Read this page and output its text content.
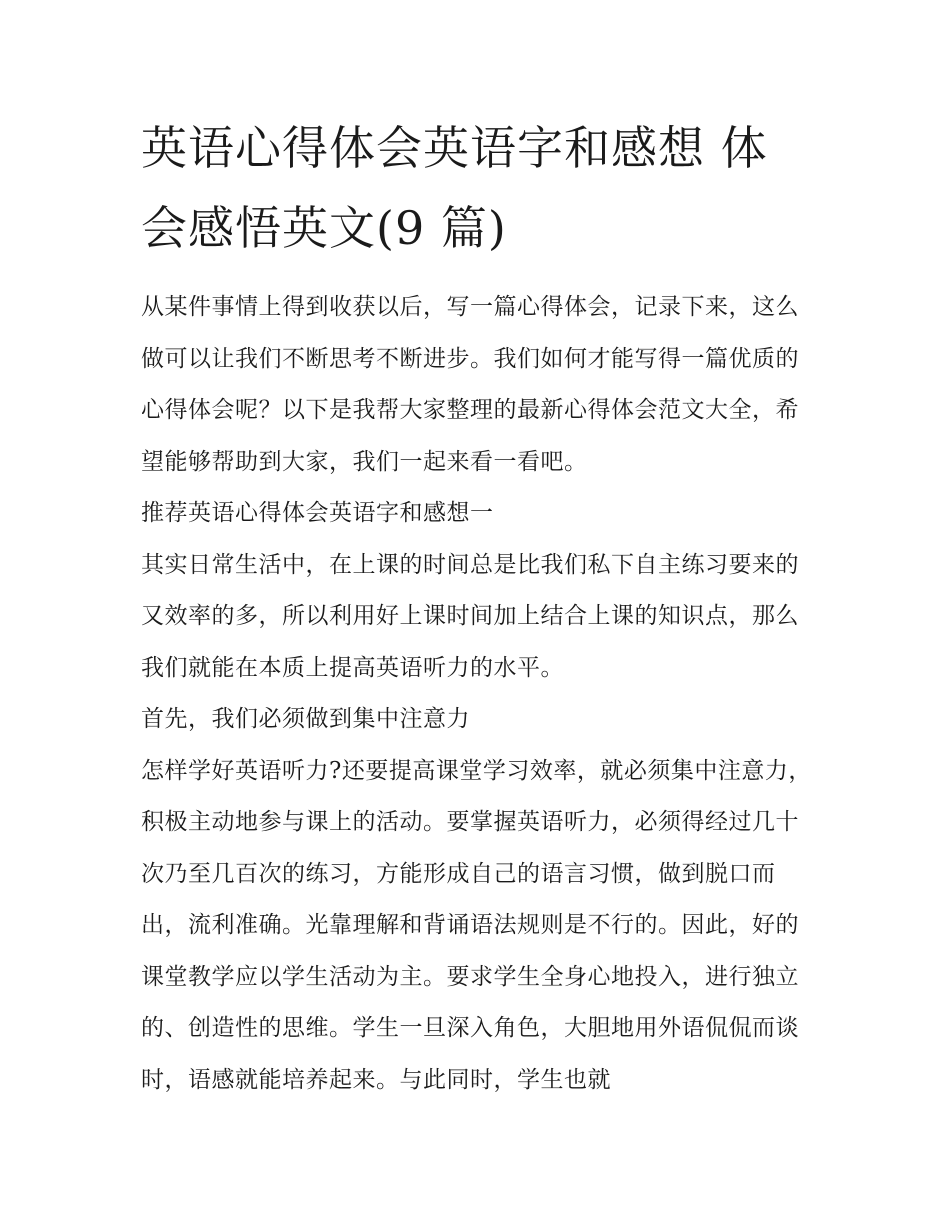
英语心得体会英语字和感想 体会感悟英文(9 篇)

从某件事情上得到收获以后，写一篇心得体会，记录下来，这么做可以让我们不断思考不断进步。我们如何才能写得一篇优质的心得体会呢？以下是我帮大家整理的最新心得体会范文大全，希望能够帮助到大家，我们一起来看一看吧。

推荐英语心得体会英语字和感想一

其实日常生活中，在上课的时间总是比我们私下自主练习要来的又效率的多，所以利用好上课时间加上结合上课的知识点，那么我们就能在本质上提高英语听力的水平。

首先，我们必须做到集中注意力

怎样学好英语听力?还要提高课堂学习效率，就必须集中注意力，积极主动地参与课上的活动。要掌握英语听力，必须得经过几十次乃至几百次的练习，方能形成自己的语言习惯，做到脱口而出，流利准确。光靠理解和背诵语法规则是不行的。因此，好的课堂教学应以学生活动为主。要求学生全身心地投入，进行独立的、创造性的思维。学生一旦深入角色，大胆地用外语侃侃而谈时，语感就能培养起来。与此同时，学生也就
